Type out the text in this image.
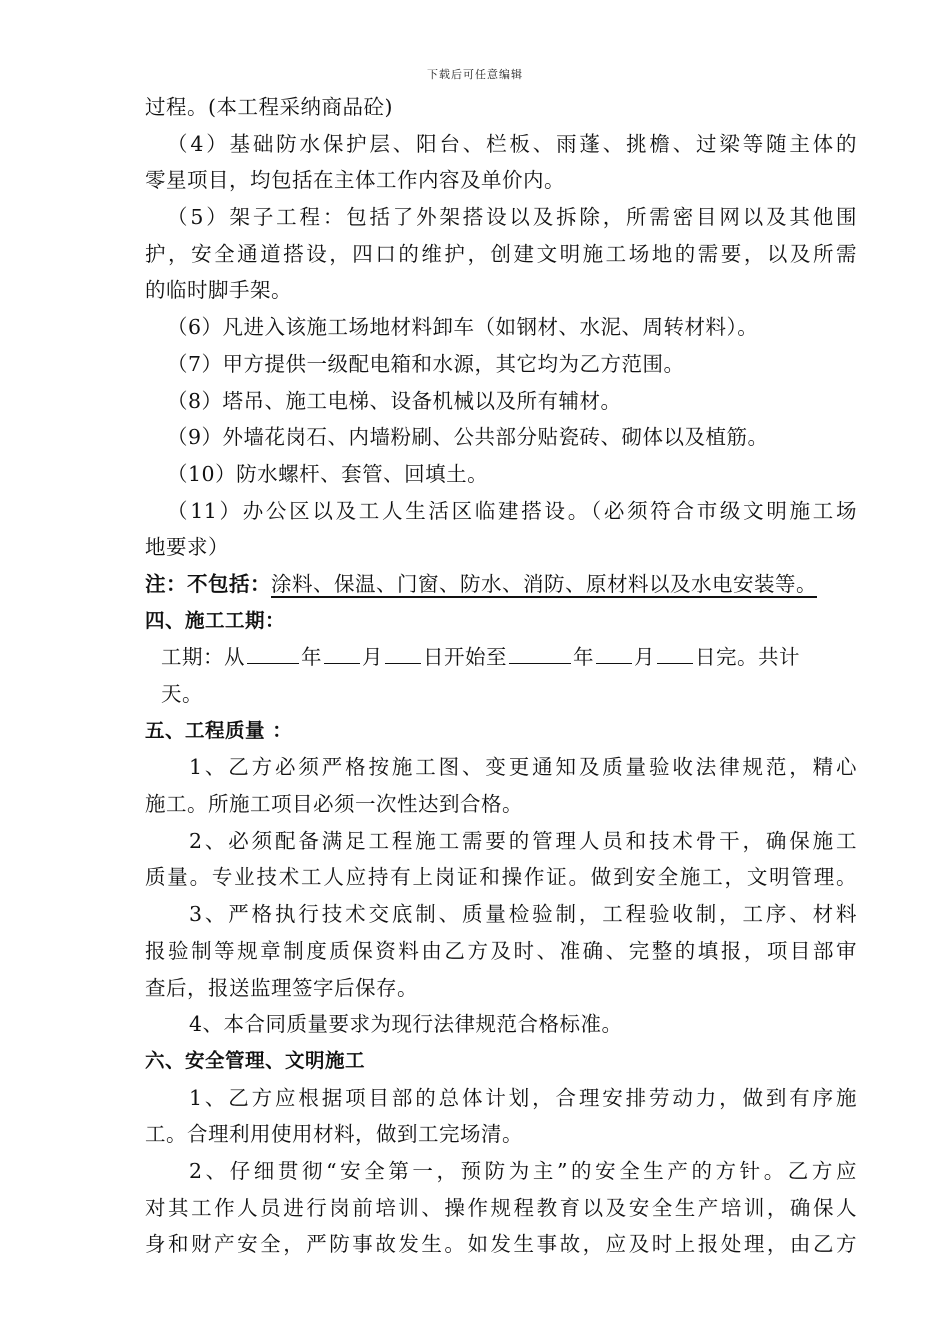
下载后可任意编辑
过程。(本工程采纳商品砼)
（4）基础防水保护层、阳台、栏板、雨蓬、挑檐、过梁等随主体的
零星项目，均包括在主体工作内容及单价内。
（5）架子工程：包括了外架搭设以及拆除，所需密目网以及其他围
护，安全通道搭设，四口的维护，创建文明施工场地的需要，以及所需
的临时脚手架。
（6）凡进入该施工场地材料卸车（如钢材、水泥、周转材料）。
（7）甲方提供一级配电箱和水源，其它均为乙方范围。
（8）塔吊、施工电梯、设备机械以及所有辅材。
（9）外墙花岗石、内墙粉刷、公共部分贴瓷砖、砌体以及植筋。
（10）防水螺杆、套管、回填土。
（11）办公区以及工人生活区临建搭设。（必须符合市级文明施工场
地要求）
注：不包括：涂料、保温、门窗、防水、消防、原材料以及水电安装等。
四、施工工期：
工期：从	年 月 日开始至	年 月 日完。共计
天。
五、工程质量 ：
1、乙方必须严格按施工图、变更通知及质量验收法律规范，精心
施工。所施工项目必须一次性达到合格。
2、必须配备满足工程施工需要的管理人员和技术骨干，确保施工
质量。专业技术工人应持有上岗证和操作证。做到安全施工，文明管理。
3、严格执行技术交底制、质量检验制，工程验收制，工序、材料
报验制等规章制度质保资料由乙方及时、准确、完整的填报，项目部审
查后，报送监理签字后保存。
4、本合同质量要求为现行法律规范合格标准。
六、安全管理、文明施工
1、乙方应根据项目部的总体计划，合理安排劳动力，做到有序施
工。合理利用使用材料，做到工完场清。
2、仔细贯彻“安全第一，预防为主”的安全生产的方针。乙方应
对其工作人员进行岗前培训、操作规程教育以及安全生产培训，确保人
身和财产安全，严防事故发生。如发生事故，应及时上报处理，由乙方
